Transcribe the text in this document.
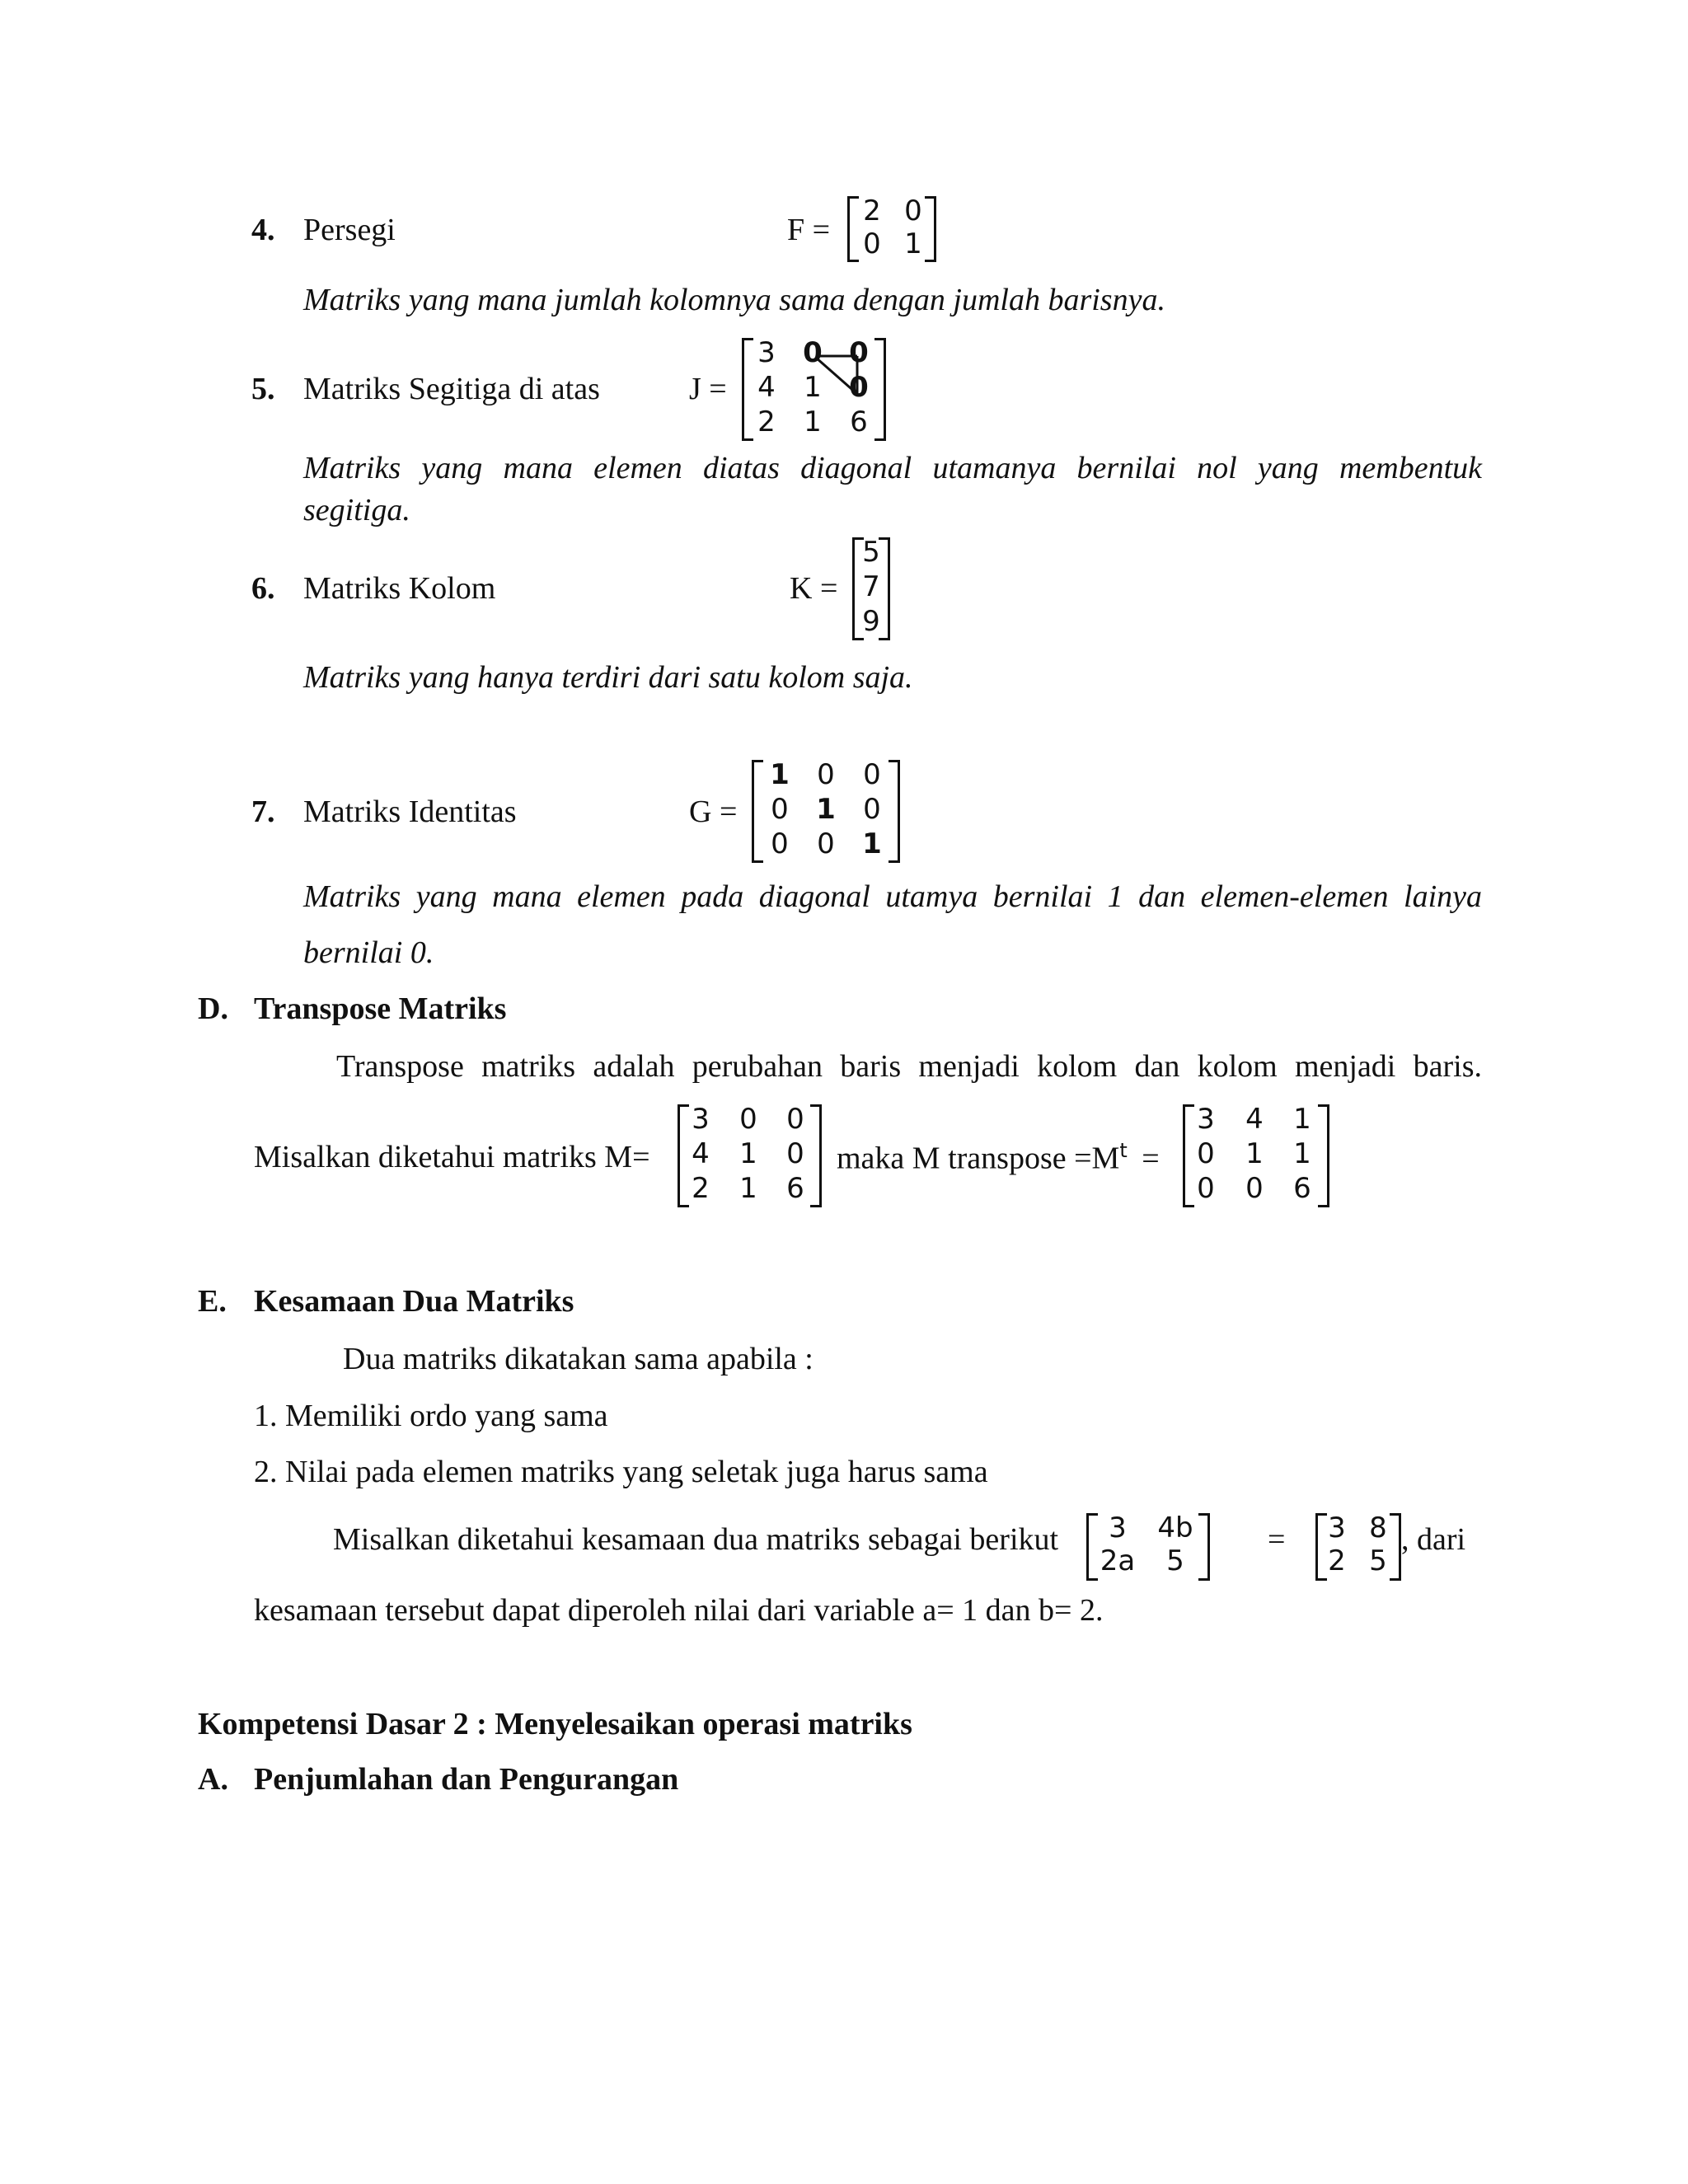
4. Persegi	F =
2 0
0 1
Matriks yang mana jumlah kolomnya sama dengan jumlah barisnya.
5. Matriks Segitiga di atas	J =
3 0 0
4	1 0
2	1	6
Matriks yang mana elemen diatas diagonal utamanya bernilai nol yang membentuk
segitiga.
6. Matriks Kolom	K =
5
7
9
Matriks yang hanya terdiri dari satu kolom saja.
7. Matriks Identitas	G =
1 0	0
0 1 0
0	0 1
Matriks yang mana elemen pada diagonal utamya bernilai 1 dan elemen-elemen lainya
bernilai 0.
D. Transpose Matriks
Transpose matriks adalah perubahan baris menjadi kolom dan kolom menjadi baris.
Misalkan diketahui matriks M=
3	0	0
4	1	0
2	1	6
maka M transpose $=M^t$ =
3	4	1
0	1	1
0	0	6
E. Kesamaan Dua Matriks
Dua matriks dikatakan sama apabila :
1. Memiliki ordo yang sama
2. Nilai pada elemen matriks yang seletak juga harus sama
Misalkan diketahui kesamaan dua matriks sebagai berikut	3	4b
2a	5
=	3 8
2 5
, dari
kesamaan tersebut dapat diperoleh nilai dari variable a= 1 dan b= 2.
Kompetensi Dasar 2 : Menyelesaikan operasi matriks
A. Penjumlahan dan Pengurangan
